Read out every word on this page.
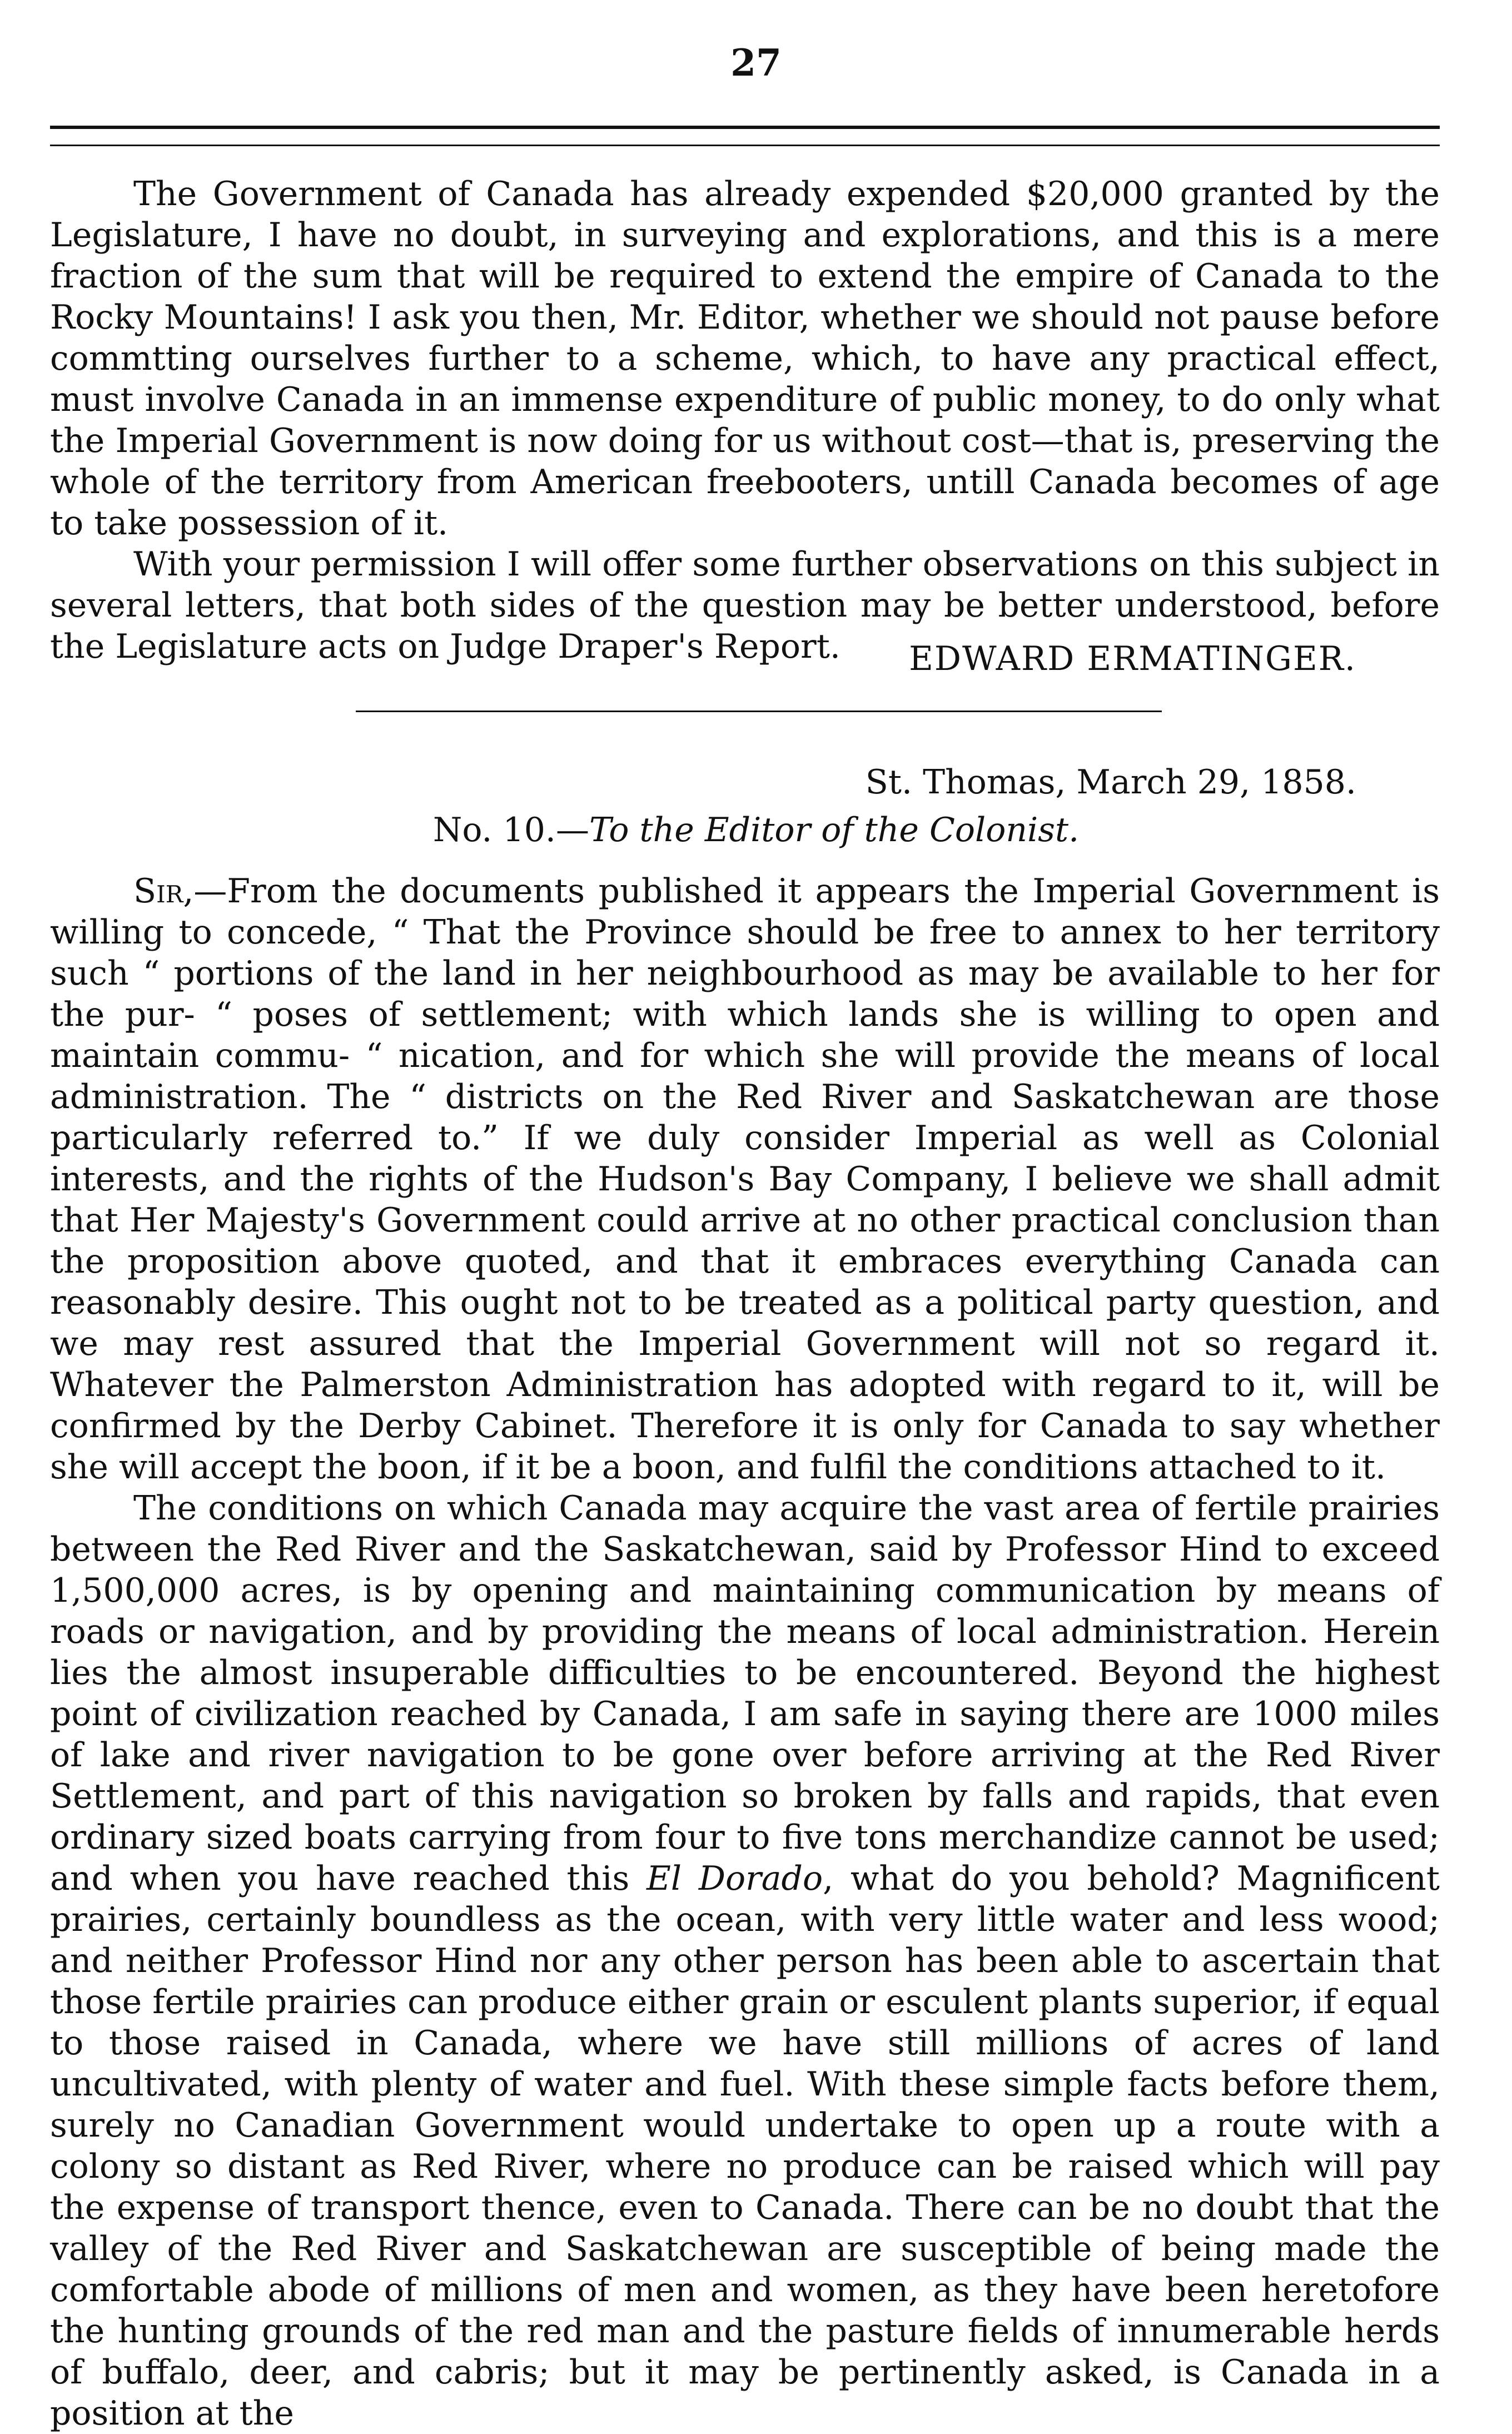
27

The Government of Canada has already expended $20,000 granted by the Legislature, I have no doubt, in surveying and explorations, and this is a mere fraction of the sum that will be required to extend the empire of Canada to the Rocky Mountains! I ask you then, Mr. Editor, whether we should not pause before commtting ourselves further to a scheme, which, to have any practical effect, must involve Canada in an immense expenditure of public money, to do only what the Imperial Government is now doing for us without cost—that is, preserving the whole of the territory from American freebooters, untill Canada becomes of age to take possession of it.

With your permission I will offer some further observations on this subject in several letters, that both sides of the question may be better understood, before the Legislature acts on Judge Draper's Report.	EDWARD ERMATINGER.
St. Thomas, March 29, 1858.
No. 10.—To the Editor of the Colonist.

Sir,—From the documents published it appears the Imperial Government is willing to concede, “ That the Province should be free to annex to her territory such “ portions of the land in her neighbourhood as may be available to her for the pur- “ poses of settlement; with which lands she is willing to open and maintain commu- “ nication, and for which she will provide the means of local administration. The “ districts on the Red River and Saskatchewan are those particularly referred to.” If we duly consider Imperial as well as Colonial interests, and the rights of the Hudson's Bay Company, I believe we shall admit that Her Majesty's Government could arrive at no other practical conclusion than the proposition above quoted, and that it embraces everything Canada can reasonably desire. This ought not to be treated as a political party question, and we may rest assured that the Imperial Government will not so regard it. Whatever the Palmerston Administration has adopted with regard to it, will be confirmed by the Derby Cabinet. Therefore it is only for Canada to say whether she will accept the boon, if it be a boon, and fulfil the conditions attached to it.

The conditions on which Canada may acquire the vast area of fertile prairies between the Red River and the Saskatchewan, said by Professor Hind to exceed 1,500,000 acres, is by opening and maintaining communication by means of roads or navigation, and by providing the means of local administration. Herein lies the almost insuperable difficulties to be encountered. Beyond the highest point of civilization reached by Canada, I am safe in saying there are 1000 miles of lake and river navigation to be gone over before arriving at the Red River Settlement, and part of this navigation so broken by falls and rapids, that even ordinary sized boats carrying from four to five tons merchandize cannot be used; and when you have reached this El Dorado, what do you behold? Magnificent prairies, certainly boundless as the ocean, with very little water and less wood; and neither Professor Hind nor any other person has been able to ascertain that those fertile prairies can produce either grain or esculent plants superior, if equal to those raised in Canada, where we have still millions of acres of land uncultivated, with plenty of water and fuel. With these simple facts before them, surely no Canadian Government would undertake to open up a route with a colony so distant as Red River, where no produce can be raised which will pay the expense of transport thence, even to Canada. There can be no doubt that the valley of the Red River and Saskatchewan are susceptible of being made the comfortable abode of millions of men and women, as they have been heretofore the hunting grounds of the red man and the pasture fields of innumerable herds of buffalo, deer, and cabris; but it may be pertinently asked, is Canada in a position at the
